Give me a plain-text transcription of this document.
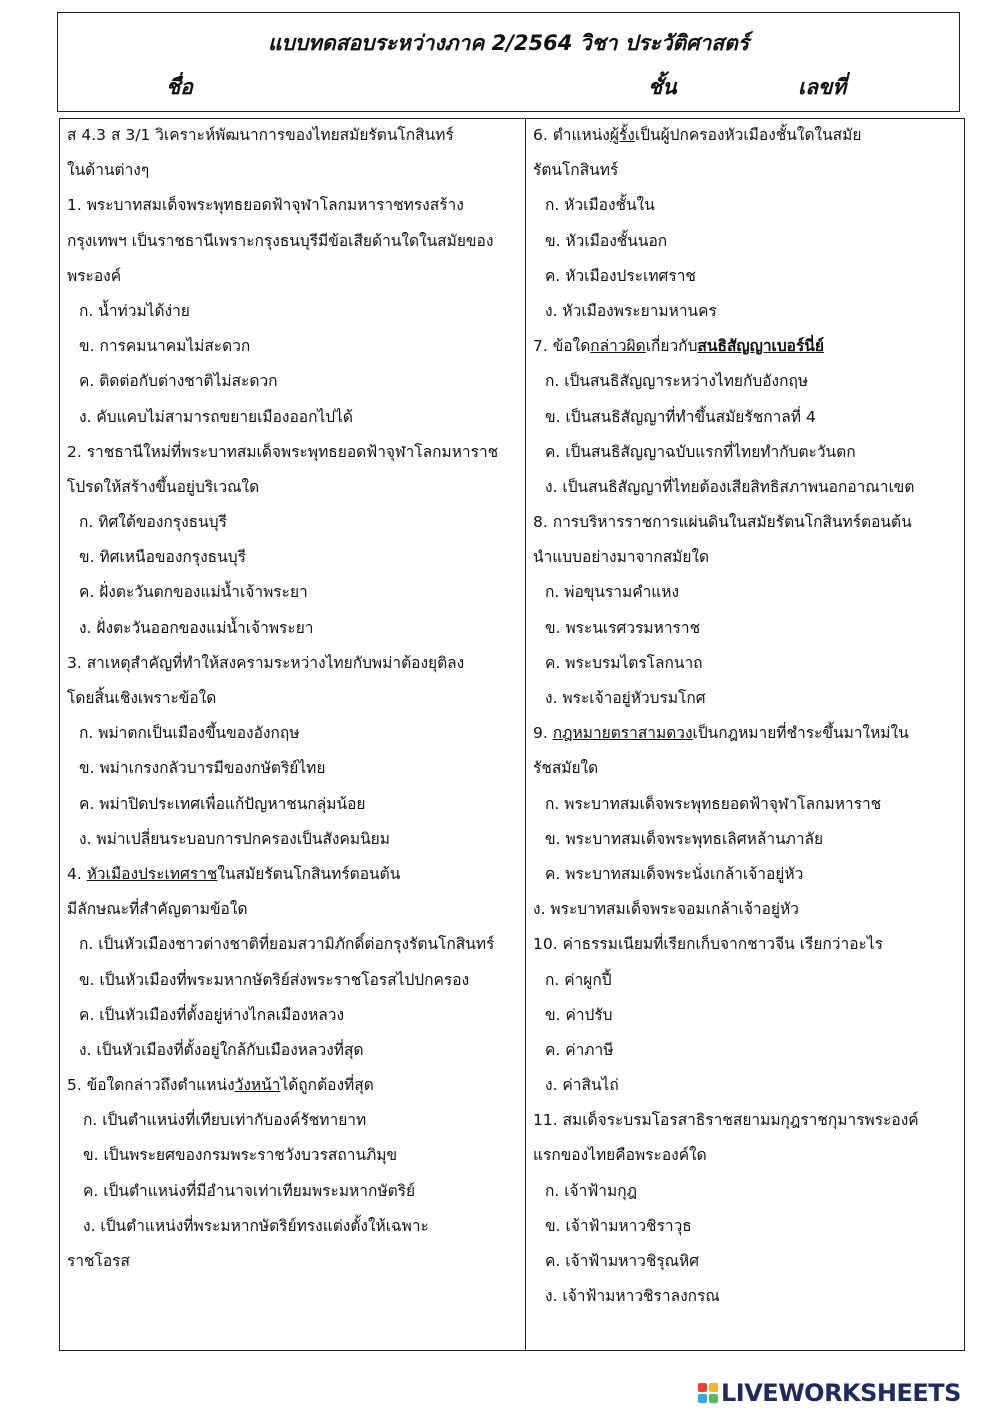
แบบทดสอบระหว่างภาค 2/2564 วิชา ประวัติศาสตร์
ชื่อ	ชั้น	เลขที่
ส 4.3 ส 3/1 วิเคราะห์พัฒนาการของไทยสมัยรัตนโกสินทร์
ในด้านต่างๆ
1. พระบาทสมเด็จพระพุทธยอดฟ้าจุฬาโลกมหาราชทรงสร้าง
กรุงเทพฯ เป็นราชธานีเพราะกรุงธนบุรีมีข้อเสียด้านใดในสมัยของ
พระองค์
ก. น้ำท่วมได้ง่าย
ข. การคมนาคมไม่สะดวก
ค. ติดต่อกับต่างชาติไม่สะดวก
ง. คับแคบไม่สามารถขยายเมืองออกไปได้
2. ราชธานีใหม่ที่พระบาทสมเด็จพระพุทธยอดฟ้าจุฬาโลกมหาราช
โปรดให้สร้างขึ้นอยู่บริเวณใด
ก. ทิศใต้ของกรุงธนบุรี
ข. ทิศเหนือของกรุงธนบุรี
ค. ฝั่งตะวันตกของแม่น้ำเจ้าพระยา
ง. ฝั่งตะวันออกของแม่น้ำเจ้าพระยา
3. สาเหตุสำคัญที่ทำให้สงครามระหว่างไทยกับพม่าต้องยุติลง
โดยสิ้นเชิงเพราะข้อใด
ก. พม่าตกเป็นเมืองขึ้นของอังกฤษ
ข. พม่าเกรงกลัวบารมีของกษัตริย์ไทย
ค. พม่าปิดประเทศเพื่อแก้ปัญหาชนกลุ่มน้อย
ง. พม่าเปลี่ยนระบอบการปกครองเป็นสังคมนิยม
4. หัวเมืองประเทศราชในสมัยรัตนโกสินทร์ตอนต้น
มีลักษณะที่สำคัญตามข้อใด
ก. เป็นหัวเมืองชาวต่างชาติที่ยอมสวามิภักดิ์ต่อกรุงรัตนโกสินทร์
ข. เป็นหัวเมืองที่พระมหากษัตริย์ส่งพระราชโอรสไปปกครอง
ค. เป็นหัวเมืองที่ตั้งอยู่ห่างไกลเมืองหลวง
ง. เป็นหัวเมืองที่ตั้งอยู่ใกล้กับเมืองหลวงที่สุด
5. ข้อใดกล่าวถึงตำแหน่งวังหน้าได้ถูกต้องที่สุด
ก. เป็นตำแหน่งที่เทียบเท่ากับองค์รัชทายาท
ข. เป็นพระยศของกรมพระราชวังบวรสถานภิมุข
ค. เป็นตำแหน่งที่มีอำนาจเท่าเทียมพระมหากษัตริย์
ง. เป็นตำแหน่งที่พระมหากษัตริย์ทรงแต่งตั้งให้เฉพาะ
ราชโอรส
6. ตำแหน่งผู้รั้งเป็นผู้ปกครองหัวเมืองชั้นใดในสมัย
รัตนโกสินทร์
ก. หัวเมืองชั้นใน
ข. หัวเมืองชั้นนอก
ค. หัวเมืองประเทศราช
ง. หัวเมืองพระยามหานคร
7. ข้อใดกล่าวผิดเกี่ยวกับสนธิสัญญาเบอร์นี่ย์
ก. เป็นสนธิสัญญาระหว่างไทยกับอังกฤษ
ข. เป็นสนธิสัญญาที่ทำขึ้นสมัยรัชกาลที่ 4
ค. เป็นสนธิสัญญาฉบับแรกที่ไทยทำกับตะวันตก
ง. เป็นสนธิสัญญาที่ไทยต้องเสียสิทธิสภาพนอกอาณาเขต
8. การบริหารราชการแผ่นดินในสมัยรัตนโกสินทร์ตอนต้น
นำแบบอย่างมาจากสมัยใด
ก. พ่อขุนรามคำแหง
ข. พระนเรศวรมหาราช
ค. พระบรมไตรโลกนาถ
ง. พระเจ้าอยู่หัวบรมโกศ
9. กฎหมายตราสามดวงเป็นกฎหมายที่ชำระขึ้นมาใหม่ใน
รัชสมัยใด
ก. พระบาทสมเด็จพระพุทธยอดฟ้าจุฬาโลกมหาราช
ข. พระบาทสมเด็จพระพุทธเลิศหล้านภาลัย
ค. พระบาทสมเด็จพระนั่งเกล้าเจ้าอยู่หัว
ง. พระบาทสมเด็จพระจอมเกล้าเจ้าอยู่หัว
10. ค่าธรรมเนียมที่เรียกเก็บจากชาวจีน เรียกว่าอะไร
ก. ค่าผูกปี้
ข. ค่าปรับ
ค. ค่าภาษี
ง. ค่าสินไถ่
11. สมเด็จระบรมโอรสาธิราชสยามมกุฎราชกุมารพระองค์
แรกของไทยคือพระองค์ใด
ก. เจ้าฟ้ามกุฎ
ข. เจ้าฟ้ามหาวชิราวุธ
ค. เจ้าฟ้ามหาวชิรุณหิศ
ง. เจ้าฟ้ามหาวชิราลงกรณ
LIVEWORKSHEETS
